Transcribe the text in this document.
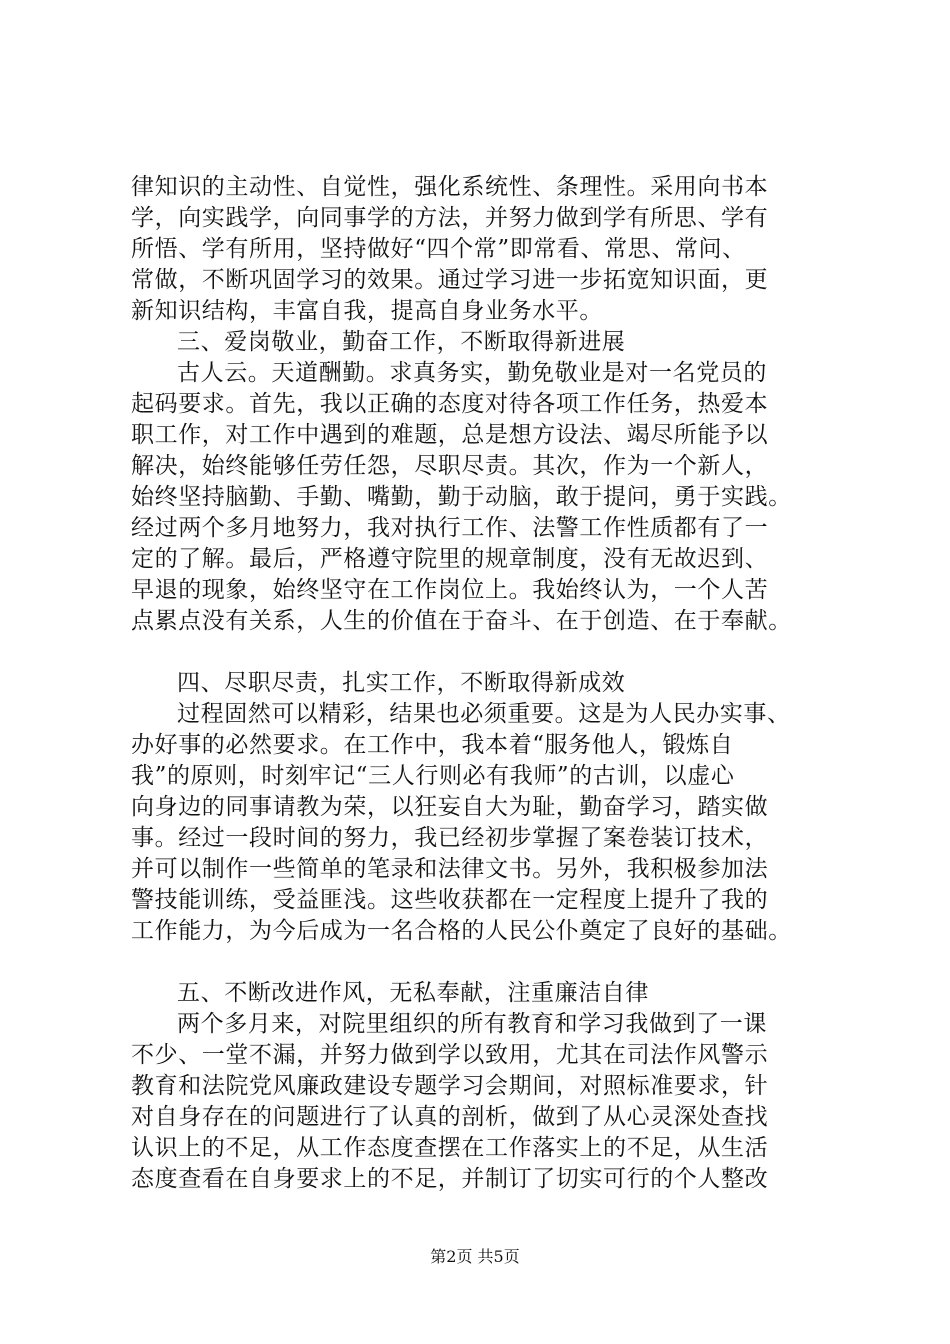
律知识的主动性、自觉性，强化系统性、条理性。采用向书本
学，向实践学，向同事学的方法，并努力做到学有所思、学有
所悟、学有所用，坚持做好“四个常”即常看、常思、常问、
常做，不断巩固学习的效果。通过学习进一步拓宽知识面，更
新知识结构，丰富自我，提高自身业务水平。
三、爱岗敬业，勤奋工作，不断取得新进展
古人云。天道酬勤。求真务实，勤免敬业是对一名党员的
起码要求。首先，我以正确的态度对待各项工作任务，热爱本
职工作，对工作中遇到的难题，总是想方设法、竭尽所能予以
解决，始终能够任劳任怨，尽职尽责。其次，作为一个新人，
始终坚持脑勤、手勤、嘴勤，勤于动脑，敢于提问，勇于实践。
经过两个多月地努力，我对执行工作、法警工作性质都有了一
定的了解。最后，严格遵守院里的规章制度，没有无故迟到、
早退的现象，始终坚守在工作岗位上。我始终认为，一个人苦
点累点没有关系，人生的价值在于奋斗、在于创造、在于奉献。
四、尽职尽责，扎实工作，不断取得新成效
过程固然可以精彩，结果也必须重要。这是为人民办实事、
办好事的必然要求。在工作中，我本着“服务他人，锻炼自
我”的原则，时刻牢记“三人行则必有我师”的古训，以虚心
向身边的同事请教为荣，以狂妄自大为耻，勤奋学习，踏实做
事。经过一段时间的努力，我已经初步掌握了案卷装订技术，
并可以制作一些简单的笔录和法律文书。另外，我积极参加法
警技能训练，受益匪浅。这些收获都在一定程度上提升了我的
工作能力，为今后成为一名合格的人民公仆奠定了良好的基础。
五、不断改进作风，无私奉献，注重廉洁自律
两个多月来，对院里组织的所有教育和学习我做到了一课
不少、一堂不漏，并努力做到学以致用，尤其在司法作风警示
教育和法院党风廉政建设专题学习会期间，对照标准要求，针
对自身存在的问题进行了认真的剖析，做到了从心灵深处查找
认识上的不足，从工作态度查摆在工作落实上的不足，从生活
态度查看在自身要求上的不足，并制订了切实可行的个人整改
第2页 共5页
